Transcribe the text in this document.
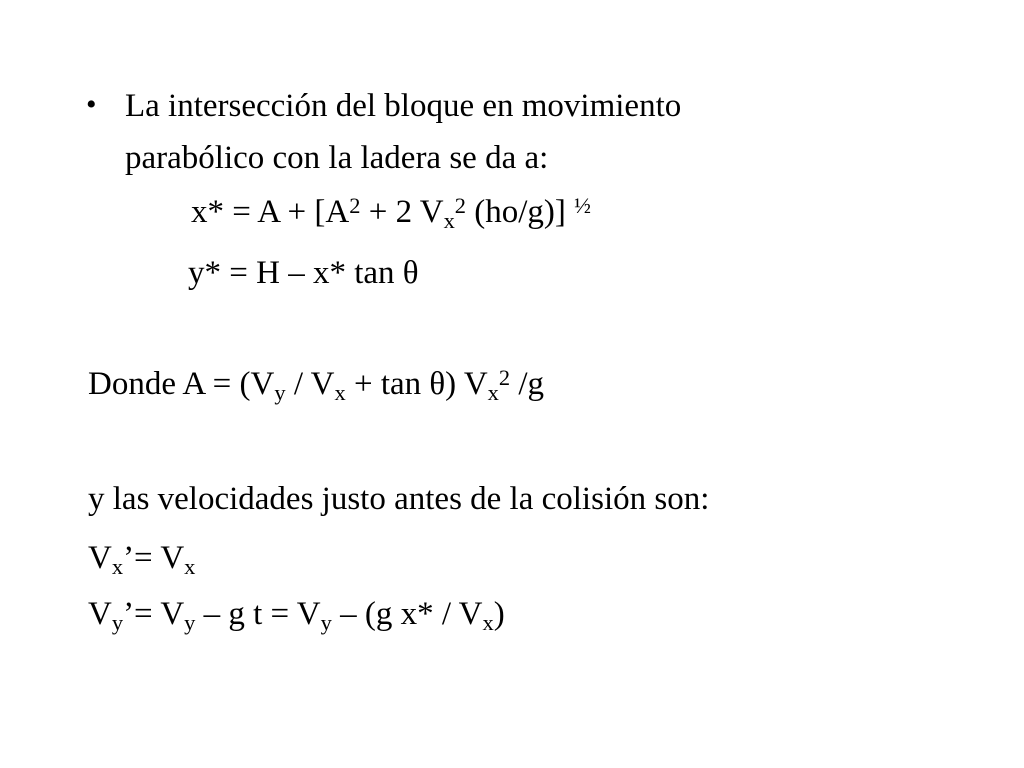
• La intersección del bloque en movimiento
parabólico con la ladera se da a:
$x* = A + [A^2 + 2$ $V_x^2$ (ho/g)] $^{\frac{1}{2}}$
y* = H – x* tan θ
Donde $A = (V_y / V_x + \tan \theta)$ $V_x^2$ /g
y las velocidades justo antes de la colisión son:
$V_x’= V_x$
$V_y’= V_y - g$ $t = V_y - (g$ $x* / V_x$)
